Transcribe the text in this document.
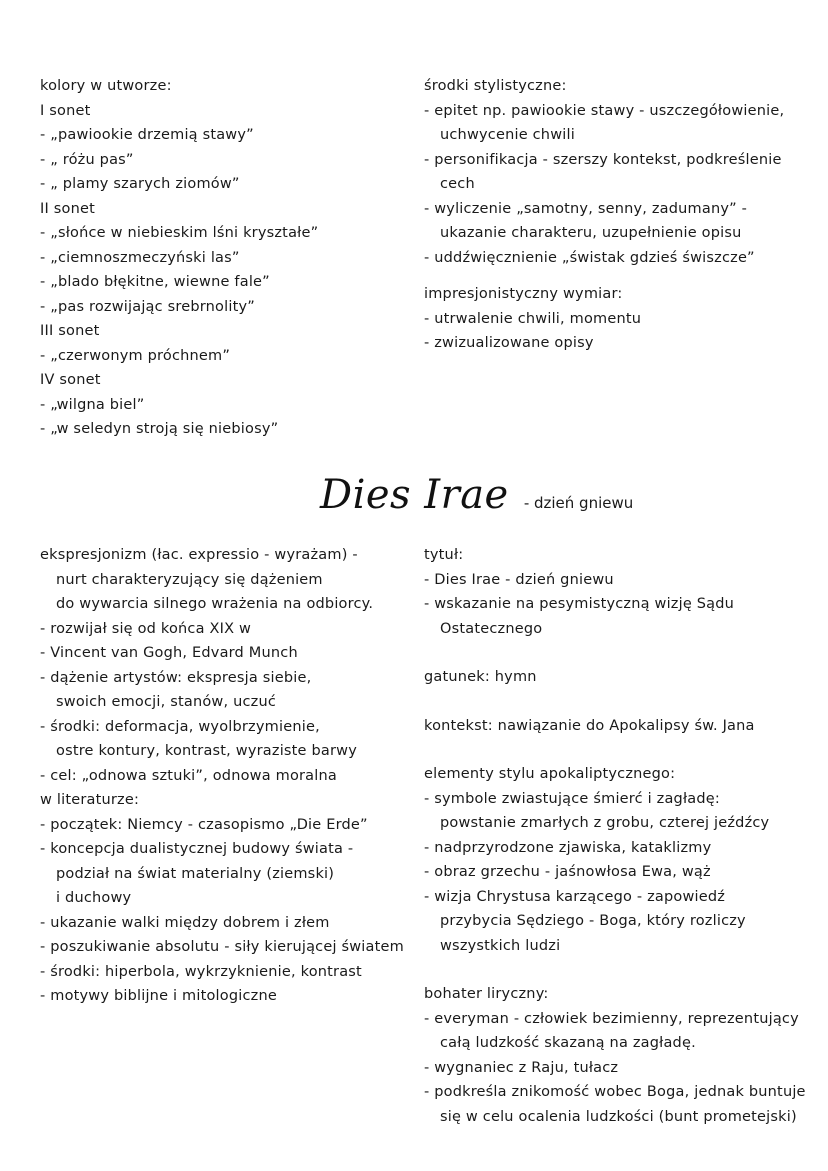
kolory w utworze:
I sonet
- „pawiookie drzemią stawy”
- „ różu pas”
- „ plamy szarych ziomów”
II sonet
- „słońce w niebieskim lśni kryształe”
- „ciemnoszmeczyński las”
- „blado błękitne, wiewne fale”
- „pas rozwijając srebrnolity”
III sonet
- „czerwonym próchnem”
IV sonet
- „wilgna biel”
- „w seledyn stroją się niebiosy”
środki stylistyczne:
- epitet np. pawiookie stawy - uszczegółowienie,
uchwycenie chwili
- personifikacja - szerszy kontekst, podkreślenie
cech
- wyliczenie „samotny, senny, zadumany” -
ukazanie charakteru, uzupełnienie opisu
- uddźwięcznienie „świstak gdzieś świszcze”
impresjonistyczny wymiar:
- utrwalenie chwili, momentu
- zwizualizowane opisy
Dies Irae - dzień gniewu
ekspresjonizm (łac. expressio - wyrażam) -
nurt charakteryzujący się dążeniem
do wywarcia silnego wrażenia na odbiorcy.
- rozwijał się od końca XIX w
- Vincent van Gogh, Edvard Munch
- dążenie artystów: ekspresja siebie,
swoich emocji, stanów, uczuć
- środki: deformacja, wyolbrzymienie,
ostre kontury, kontrast, wyraziste barwy
- cel: „odnowa sztuki”, odnowa moralna
w literaturze:
- początek: Niemcy - czasopismo „Die Erde”
- koncepcja dualistycznej budowy świata -
podział na świat materialny (ziemski)
i duchowy
- ukazanie walki między dobrem i złem
- poszukiwanie absolutu - siły kierującej światem
- środki: hiperbola, wykrzyknienie, kontrast
- motywy biblijne i mitologiczne
tytuł:
- Dies Irae - dzień gniewu
- wskazanie na pesymistyczną wizję Sądu
Ostatecznego
gatunek: hymn
kontekst: nawiązanie do Apokalipsy św. Jana
elementy stylu apokaliptycznego:
- symbole zwiastujące śmierć i zagładę:
powstanie zmarłych z grobu, czterej jeźdźcy
- nadprzyrodzone zjawiska, kataklizmy
- obraz grzechu - jaśnowłosa Ewa, wąż
- wizja Chrystusa karzącego - zapowiedź
przybycia Sędziego - Boga, który rozliczy
wszystkich ludzi
bohater liryczny:
- everyman - człowiek bezimienny, reprezentujący
całą ludzkość skazaną na zagładę.
- wygnaniec z Raju, tułacz
- podkreśla znikomość wobec Boga, jednak buntuje
się w celu ocalenia ludzkości (bunt prometejski)
